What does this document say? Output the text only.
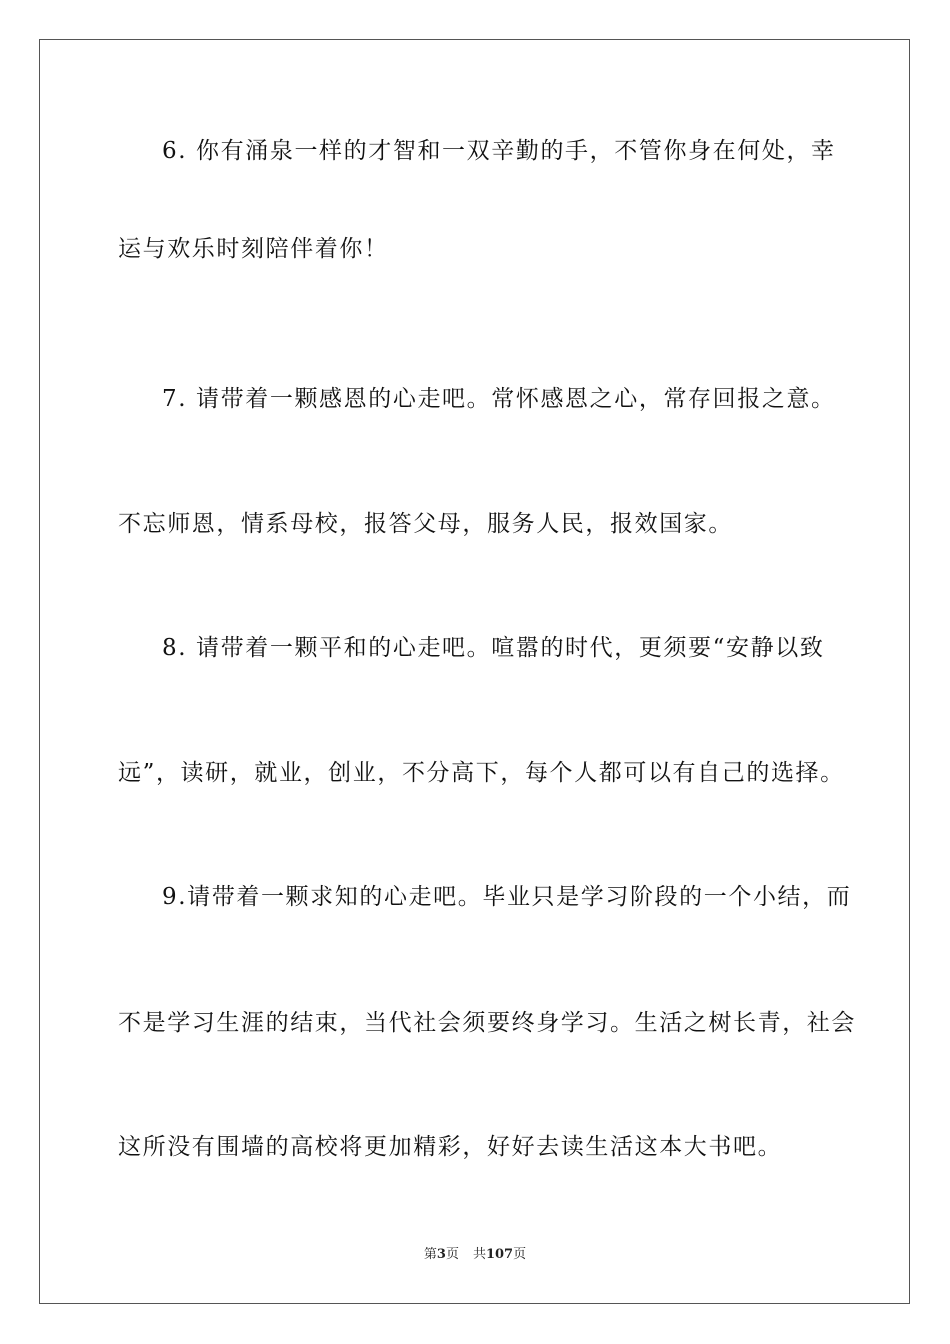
6. 你有涌泉一样的才智和一双辛勤的手，不管你身在何处，幸
运与欢乐时刻陪伴着你！
7. 请带着一颗感恩的心走吧。常怀感恩之心，常存回报之意。
不忘师恩，情系母校，报答父母，服务人民，报效国家。
8. 请带着一颗平和的心走吧。喧嚣的时代，更须要“安静以致
远”，读研，就业，创业，不分高下，每个人都可以有自己的选择。
9.请带着一颗求知的心走吧。毕业只是学习阶段的一个小结，而
不是学习生涯的结束，当代社会须要终身学习。生活之树长青，社会
这所没有围墙的高校将更加精彩，好好去读生活这本大书吧。
第3页 共107页
